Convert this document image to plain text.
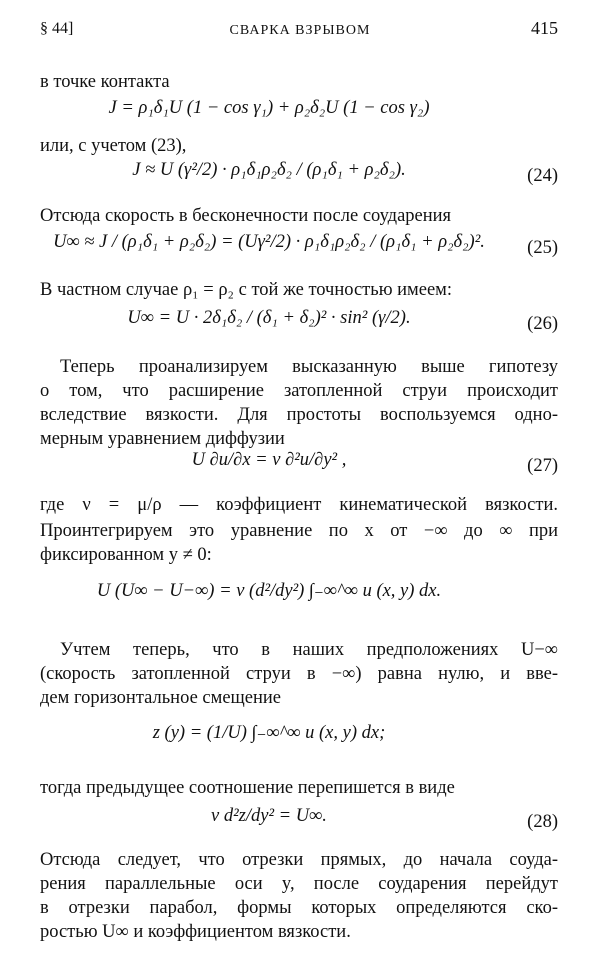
§ 44]	СВАРКА ВЗРЫВОМ	415
в точке контакта
J = ρ₁δ₁U (1 − cos γ₁) + ρ₂δ₂U (1 − cos γ₂)
или, с учетом (23),
J ≈ U (γ²/2) · ρ₁δ₁ρ₂δ₂ / (ρ₁δ₁ + ρ₂δ₂).	(24)
Отсюда скорость в бесконечности после соударения
U∞ ≈ J / (ρ₁δ₁ + ρ₂δ₂) = (Uγ²/2) · ρ₁δ₁ρ₂δ₂ / (ρ₁δ₁ + ρ₂δ₂)².	(25)
В частном случае ρ₁ = ρ₂ с той же точностью имеем:
U∞ = U · 2δ₁δ₂ / (δ₁ + δ₂)² · sin² (γ/2).	(26)
Теперь проанализируем высказанную выше гипотезу
о том, что расширение затопленной струи происходит
вследствие вязкости. Для простоты воспользуемся одно-
мерным уравнением диффузии
U ∂u/∂x = ν ∂²u/∂y² ,	(27)
где ν = μ/ρ — коэффициент кинематической вязкости.
Проинтегрируем это уравнение по x от −∞ до ∞ при
фиксированном y ≠ 0:
U (U∞ − U−∞) = ν (d²/dy²) ∫₋∞^∞ u (x, y) dx.
Учтем теперь, что в наших предположениях U−∞
(скорость затопленной струи в −∞) равна нулю, и вве-
дем горизонтальное смещение
z (y) = (1/U) ∫₋∞^∞ u (x, y) dx;
тогда предыдущее соотношение перепишется в виде
ν d²z/dy² = U∞.	(28)
Отсюда следует, что отрезки прямых, до начала соуда-
рения параллельные оси y, после соударения перейдут
в отрезки парабол, формы которых определяются ско-
ростью U∞ и коэффициентом вязкости.
